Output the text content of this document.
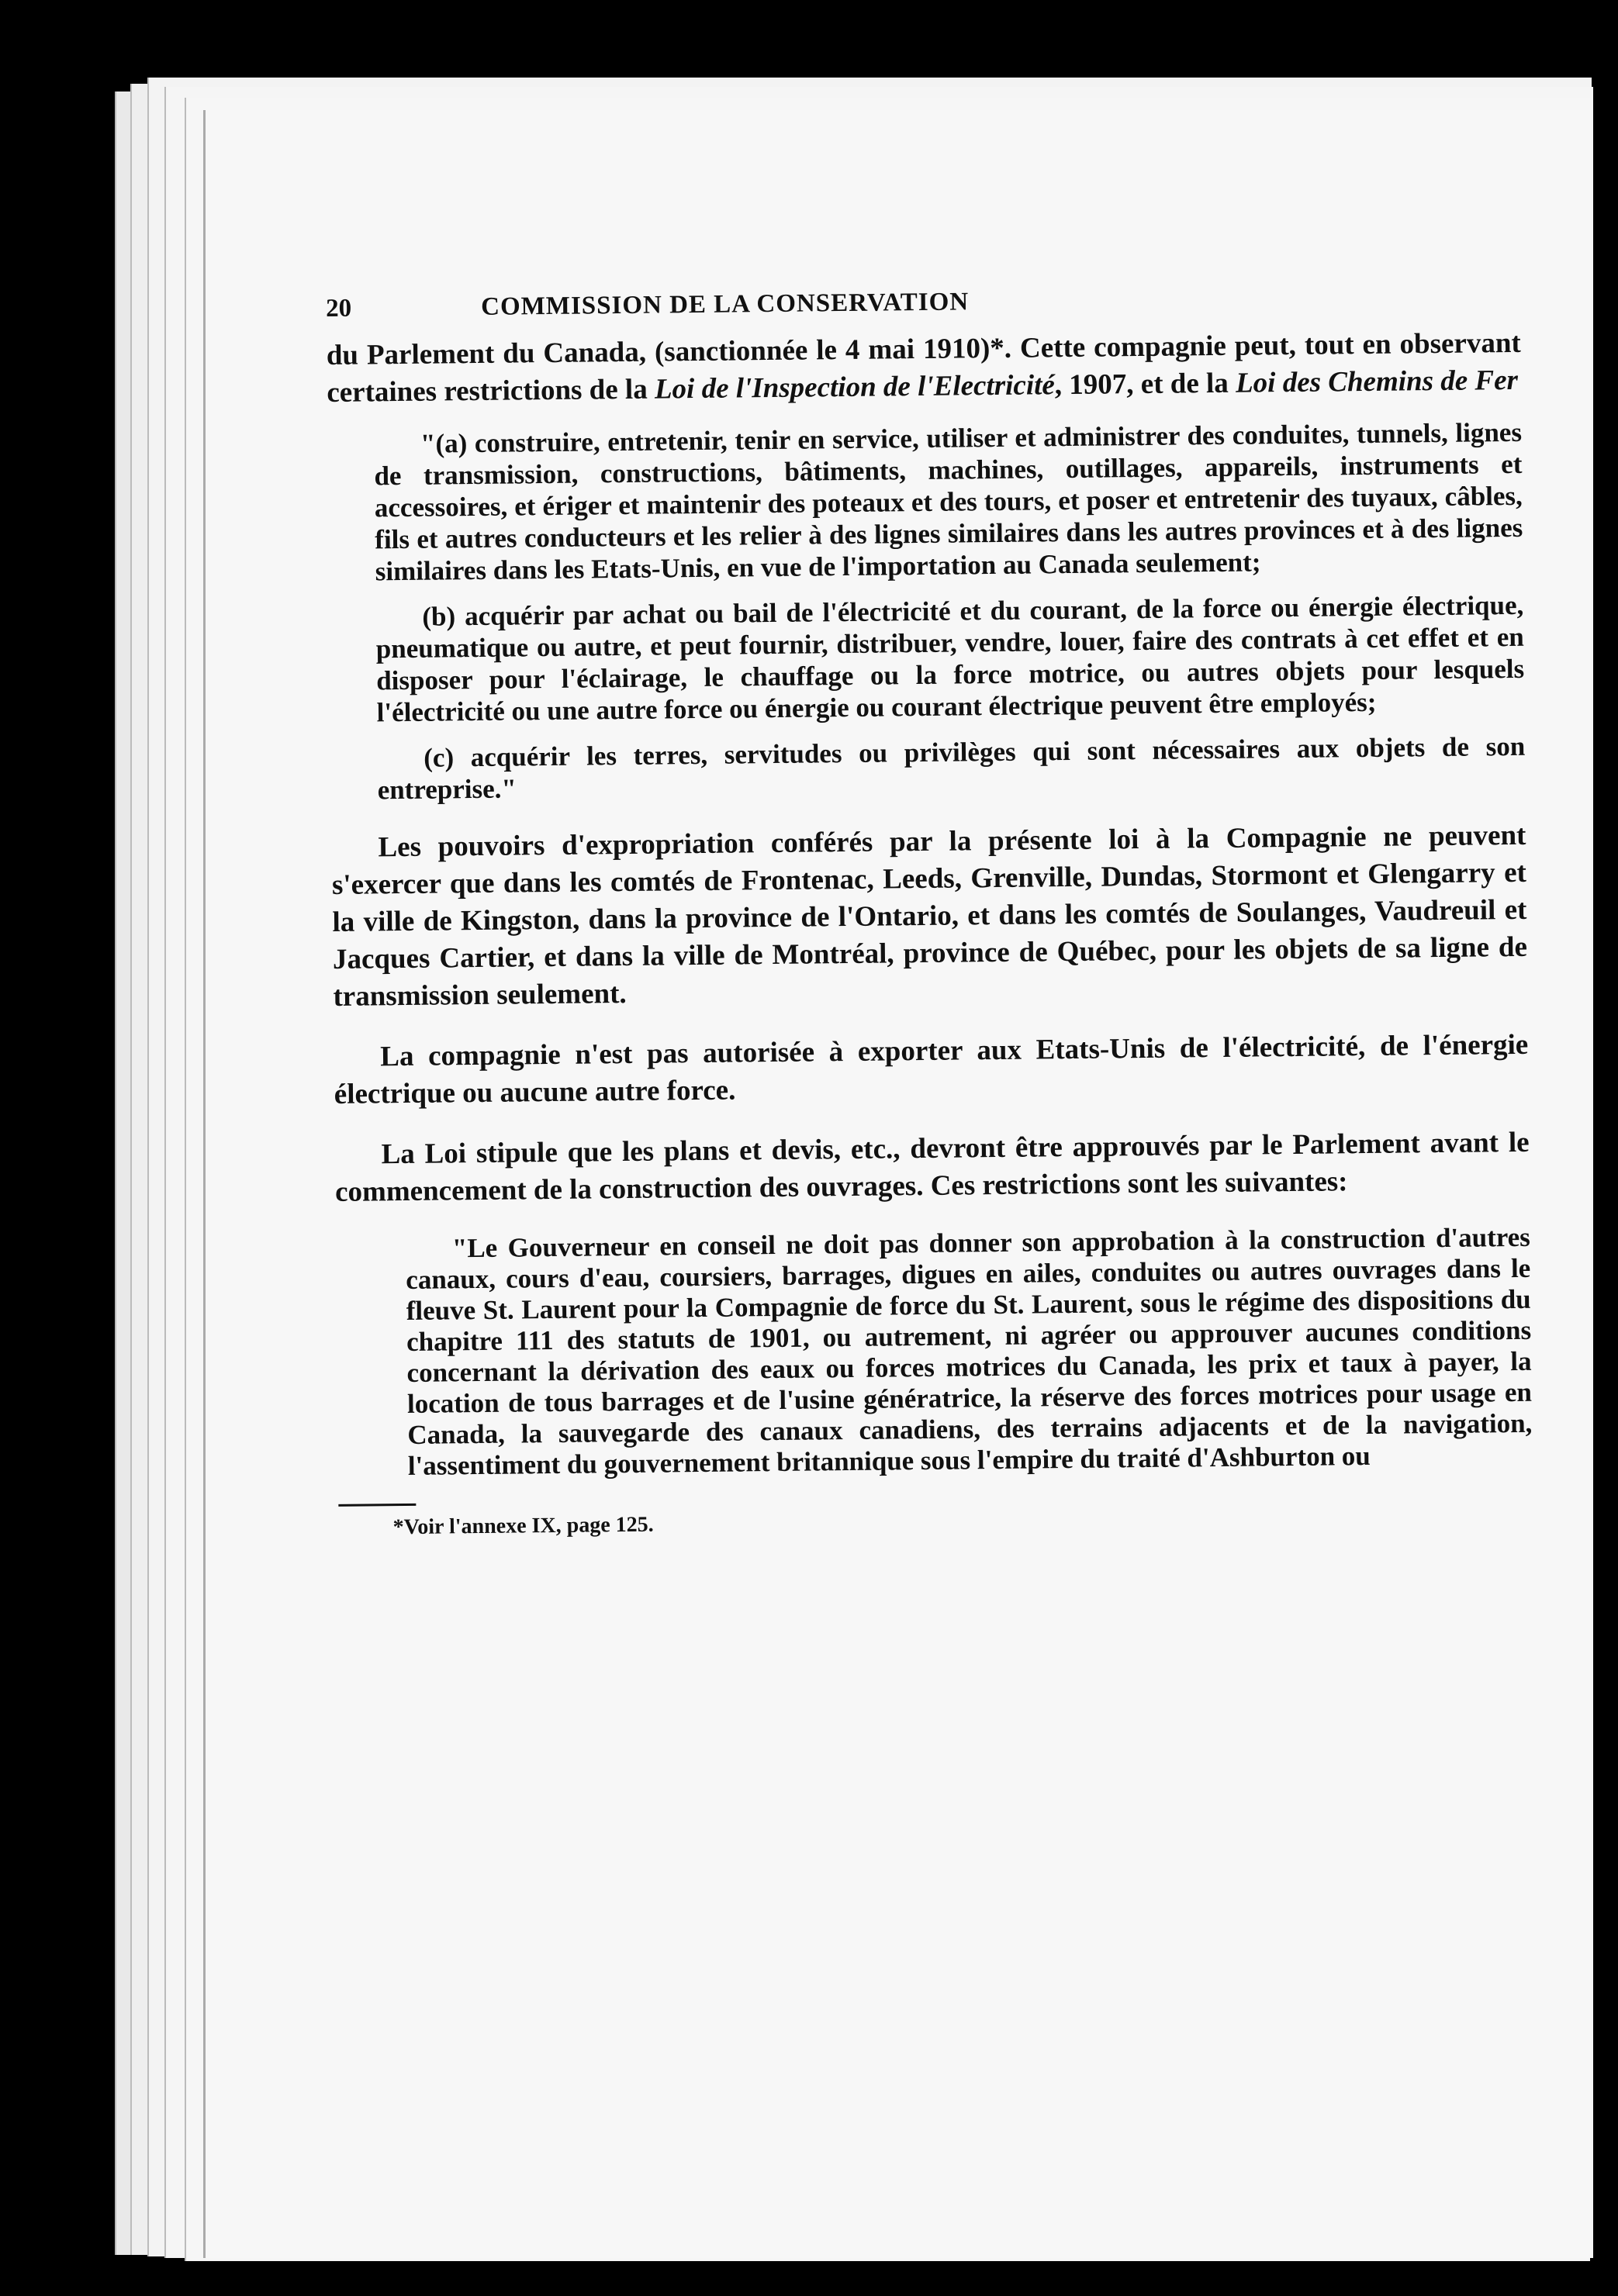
20	COMMISSION DE LA CONSERVATION

du Parlement du Canada, (sanctionnée le 4 mai 1910)*. Cette compagnie peut, tout en observant certaines restrictions de la Loi de l'Inspection de l'Electricité, 1907, et de la Loi des Chemins de Fer

"(a) construire, entretenir, tenir en service, utiliser et administrer des conduites, tunnels, lignes de transmission, constructions, bâtiments, machines, outillages, appareils, instruments et accessoires, et ériger et maintenir des poteaux et des tours, et poser et entretenir des tuyaux, câbles, fils et autres conducteurs et les relier à des lignes similaires dans les autres provinces et à des lignes similaires dans les Etats-Unis, en vue de l'importation au Canada seulement;

(b) acquérir par achat ou bail de l'électricité et du courant, de la force ou énergie électrique, pneumatique ou autre, et peut fournir, distribuer, vendre, louer, faire des contrats à cet effet et en disposer pour l'éclairage, le chauffage ou la force motrice, ou autres objets pour lesquels l'électricité ou une autre force ou énergie ou courant électrique peuvent être employés;

(c) acquérir les terres, servitudes ou privilèges qui sont nécessaires aux objets de son entreprise."

Les pouvoirs d'expropriation conférés par la présente loi à la Compagnie ne peuvent s'exercer que dans les comtés de Frontenac, Leeds, Grenville, Dundas, Stormont et Glengarry et la ville de Kingston, dans la province de l'Ontario, et dans les comtés de Soulanges, Vaudreuil et Jacques Cartier, et dans la ville de Montréal, province de Québec, pour les objets de sa ligne de transmission seulement.

La compagnie n'est pas autorisée à exporter aux Etats-Unis de l'électricité, de l'énergie électrique ou aucune autre force.

La Loi stipule que les plans et devis, etc., devront être approuvés par le Parlement avant le commencement de la construction des ouvrages. Ces restrictions sont les suivantes:

"Le Gouverneur en conseil ne doit pas donner son approbation à la construction d'autres canaux, cours d'eau, coursiers, barrages, digues en ailes, conduites ou autres ouvrages dans le fleuve St. Laurent pour la Compagnie de force du St. Laurent, sous le régime des dispositions du chapitre 111 des statuts de 1901, ou autrement, ni agréer ou approuver aucunes conditions concernant la dérivation des eaux ou forces motrices du Canada, les prix et taux à payer, la location de tous barrages et de l'usine génératrice, la réserve des forces motrices pour usage en Canada, la sauvegarde des canaux canadiens, des terrains adjacents et de la navigation, l'assentiment du gouvernement britannique sous l'empire du traité d'Ashburton ou

*Voir l'annexe IX, page 125.
